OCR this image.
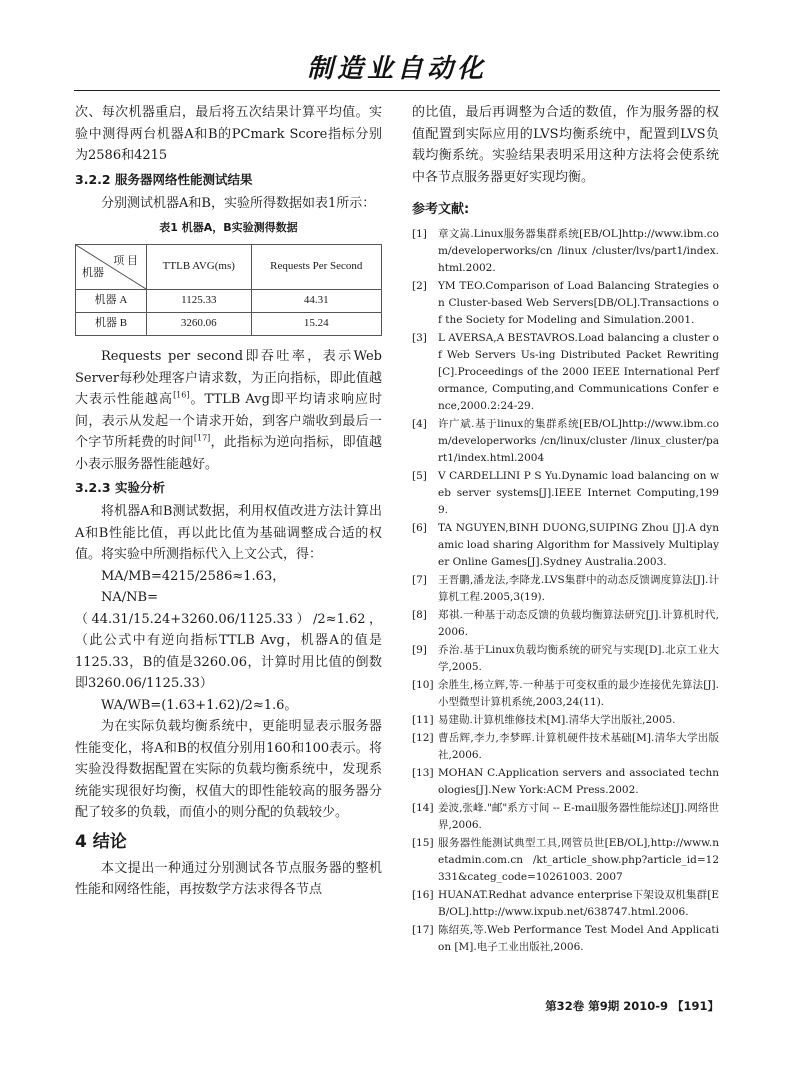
制造业自动化

次、每次机器重启，最后将五次结果计算平均值。实验中测得两台机器A和B的PCmark Score指标分别为2586和4215

3.2.2 服务器网络性能测试结果

分别测试机器A和B，实验所得数据如表1所示：

表1 机器A，B实验测得数据
项 目
机器	TTLB AVG(ms)	Requests Per Second
机器 A	1125.33	44.31
机器 B	3260.06	15.24

Requests per second即吞吐率，表示Web Server每秒处理客户请求数，为正向指标，即此值越大表示性能越高[16]。TTLB Avg即平均请求响应时间，表示从发起一个请求开始，到客户端收到最后一个字节所耗费的时间[17]，此指标为逆向指标，即值越小表示服务器性能越好。

3.2.3 实验分析

将机器A和B测试数据，利用权值改进方法计算出A和B性能比值，再以此比值为基础调整成合适的权值。将实验中所测指标代入上文公式，得：

MA/MB=4215/2586≈1.63，

NA/NB=（44.31/15.24+3260.06/1125.33）/2≈1.62，（此公式中有逆向指标TTLB Avg，机器A的值是1125.33，B的值是3260.06，计算时用比值的倒数即3260.06/1125.33）

WA/WB=(1.63+1.62)/2≈1.6。

为在实际负载均衡系统中，更能明显表示服务器性能变化，将A和B的权值分别用160和100表示。将实验没得数据配置在实际的负载均衡系统中，发现系统能实现很好均衡，权值大的即性能较高的服务器分配了较多的负载，而值小的则分配的负载较少。

4 结论

本文提出一种通过分别测试各节点服务器的整机性能和网络性能，再按数学方法求得各节点

的比值，最后再调整为合适的数值，作为服务器的权值配置到实际应用的LVS均衡系统中，配置到LVS负载均衡系统。实验结果表明采用这种方法将会使系统中各节点服务器更好实现均衡。

参考文献:
[1]	章文嵩.Linux服务器集群系统[EB/OL]http://www.ibm.com/developerworks/cn /linux /cluster/lvs/part1/index.html.2002.
[2]	YM TEO.Comparison of Load Balancing Strategies on Cluster-based Web Servers[DB/OL].Transactions of the Society for Modeling and Simulation.2001.
[3]	L AVERSA,A BESTAVROS.Load balancing a cluster of Web Servers Us-ing Distributed Packet Rewriting[C].Proceedings of the 2000 IEEE International Performance, Computing,and Communications Confer ence,2000.2:24-29.
[4]	许广斌.基于linux的集群系统[EB/OL]http://www.ibm.com/developerworks /cn/linux/cluster /linux_cluster/part1/index.html.2004
[5]	V CARDELLINI P S Yu.Dynamic load balancing on web server systems[J].IEEE Internet Computing,1999.
[6]	TA NGUYEN,BINH DUONG,SUIPING Zhou [J].A dynamic load sharing Algorithm for Massively Multiplayer Online Games[J].Sydney Australia.2003.
[7]	王晋鹏,潘龙法,李降龙.LVS集群中的动态反馈调度算法[J].计算机工程.2005,3(19).
[8]	郑祺.一种基于动态反馈的负载均衡算法研究[J].计算机时代,2006.
[9]	乔治.基于Linux负载均衡系统的研究与实现[D].北京工业大学,2005.
[10] 余胜生,杨立辉,等.一种基于可变权重的最少连接优先算法[J].小型微型计算机系统,2003,24(11).
[11] 易建勋.计算机维修技术[M].清华大学出版社,2005.
[12] 曹岳辉,李力,李梦晖.计算机硬件技术基础[M].清华大学出版社,2006.
[13] MOHAN C.Application servers and associated technologies[J].New York:ACM Press.2002.
[14] 姜波,张峰."邮"系方寸间 -- E-mail服务器性能综述[J].网络世界,2006.
[15] 服务器性能测试典型工具,网管员世[EB/OL],http://www.netadmin.com.cn /kt_article_show.php?article_id=12331&categ_code=10261003. 2007
[16] HUANAT.Redhat advance enterprise下架设双机集群[EB/OL].http://www.ixpub.net/638747.html.2006.
[17] 陈绍英,等.Web Performance Test Model And Application [M].电子工业出版社,2006.
第32卷 第9期 2010-9 【191】
